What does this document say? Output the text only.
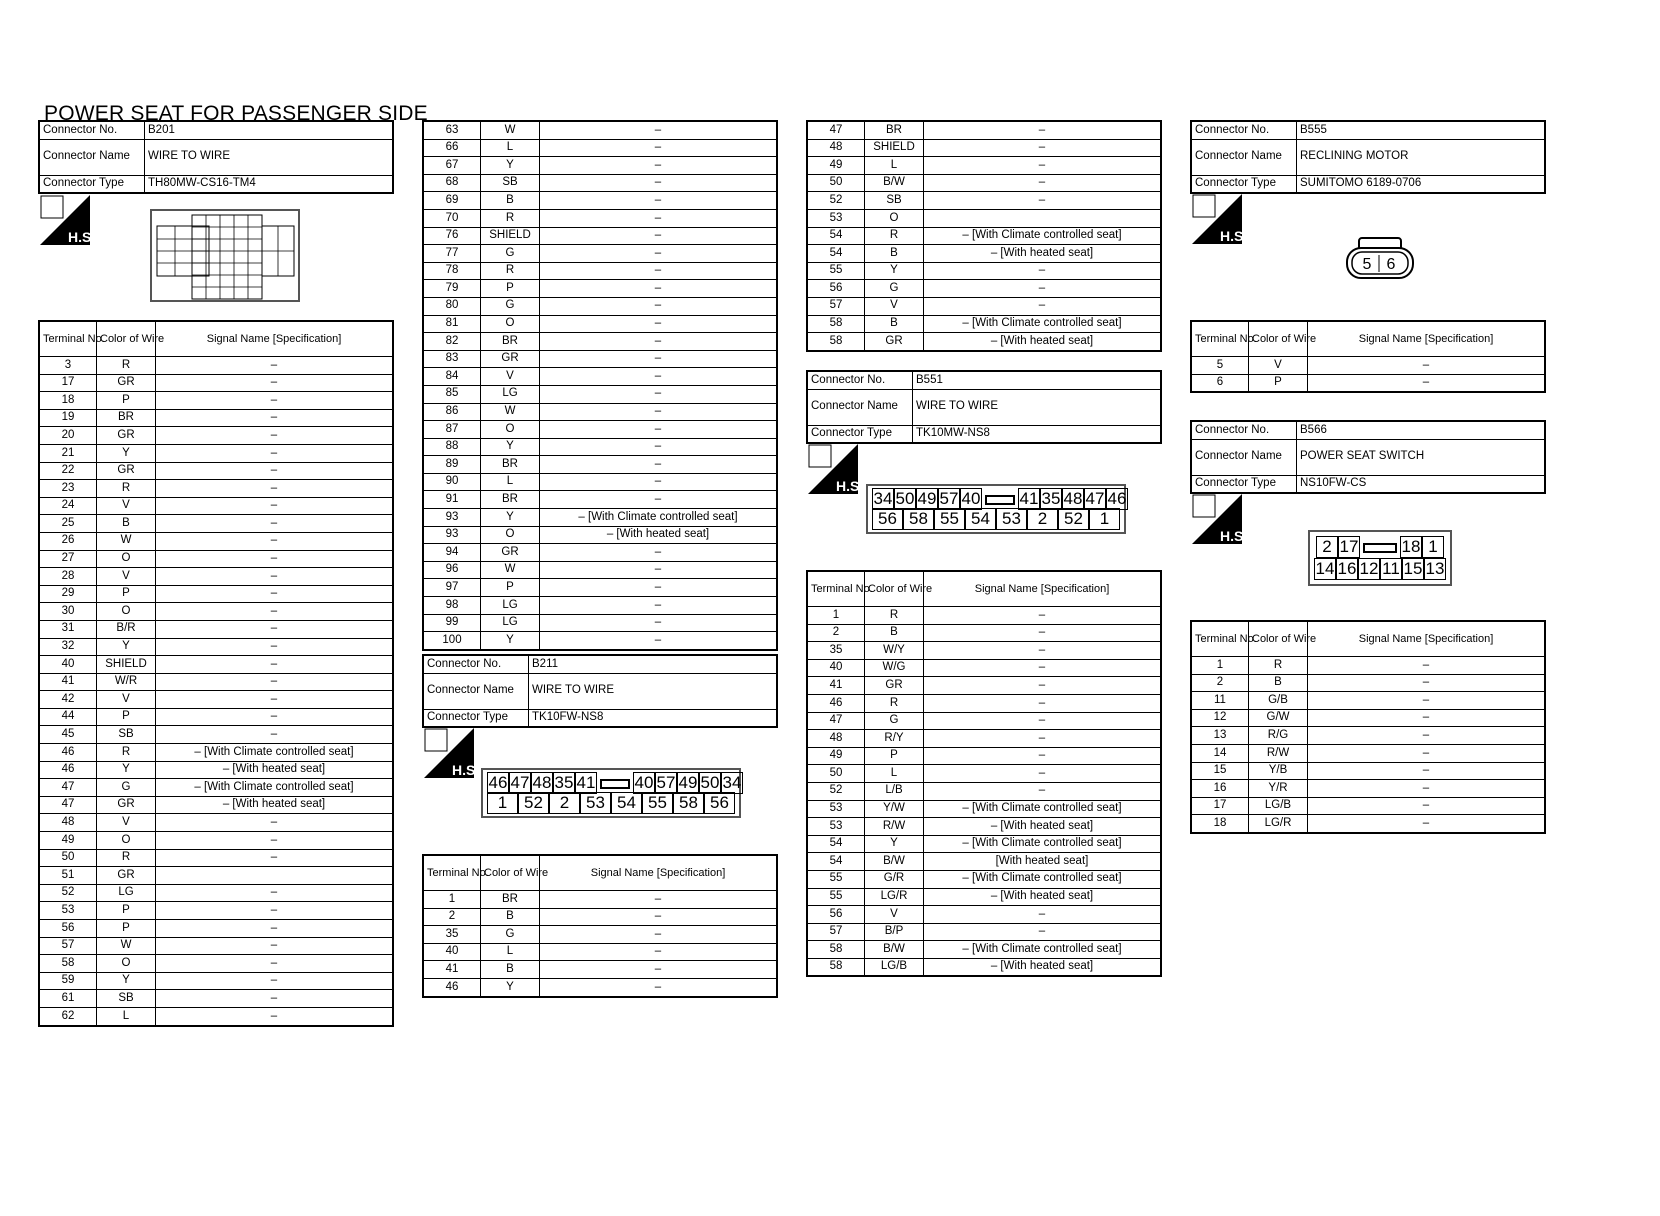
POWER SEAT FOR PASSENGER SIDE
Connector No.	B201
Connector Name	WIRE TO WIRE
Connector Type	TH80MW-CS16-TM4
H.S.
Terminal No.	Color of Wire	Signal Name [Specification]
3	R	–
17	GR	–
18	P	–
19	BR	–
20	GR	–
21	Y	–
22	GR	–
23	R	–
24	V	–
25	B	–
26	W	–
27	O	–
28	V	–
29	P	–
30	O	–
31	B/R	–
32	Y	–
40	SHIELD	–
41	W/R	–
42	V	–
44	P	–
45	SB	–
46	R	– [With Climate controlled seat]
46	Y	– [With heated seat]
47	G	– [With Climate controlled seat]
47	GR	– [With heated seat]
48	V	–
49	O	–
50	R	–
51	GR	
52	LG	–
53	P	–
56	P	–
57	W	–
58	O	–
59	Y	–
61	SB	–
62	L	–
63	W	–
66	L	–
67	Y	–
68	SB	–
69	B	–
70	R	–
76	SHIELD	–
77	G	–
78	R	–
79	P	–
80	G	–
81	O	–
82	BR	–
83	GR	–
84	V	–
85	LG	–
86	W	–
87	O	–
88	Y	–
89	BR	–
90	L	–
91	BR	–
93	Y	– [With Climate controlled seat]
93	O	– [With heated seat]
94	GR	–
96	W	–
97	P	–
98	LG	–
99	LG	–
100	Y	–
Connector No.	B211
Connector Name	WIRE TO WIRE
Connector Type	TK10FW-NS8
H.S.
46 47 48 35 41 40 57 49 50 34
1 52 2 53 54 55 58 56
Terminal No.	Color of Wire	Signal Name [Specification]
1	BR	–
2	B	–
35	G	–
40	L	–
41	B	–
46	Y	–
47	BR	–
48	SHIELD	–
49	L	–
50	B/W	–
52	SB	–
53	O	
54	R	– [With Climate controlled seat]
54	B	– [With heated seat]
55	Y	–
56	G	–
57	V	–
58	B	– [With Climate controlled seat]
58	GR	– [With heated seat]
Connector No.	B551
Connector Name	WIRE TO WIRE
Connector Type	TK10MW-NS8
H.S.
34 50 49 57 40 41 35 48 47 46
56 58 55 54 53 2 52 1
Terminal No.	Color of Wire	Signal Name [Specification]
1	R	–
2	B	–
35	W/Y	–
40	W/G	–
41	GR	–
46	R	–
47	G	–
48	R/Y	–
49	P	–
50	L	–
52	L/B	–
53	Y/W	– [With Climate controlled seat]
53	R/W	– [With heated seat]
54	Y	– [With Climate controlled seat]
54	B/W	[With heated seat]
55	G/R	– [With Climate controlled seat]
55	LG/R	– [With heated seat]
56	V	–
57	B/P	–
58	B/W	– [With Climate controlled seat]
58	LG/B	– [With heated seat]
Connector No.	B555
Connector Name	RECLINING MOTOR
Connector Type	SUMITOMO 6189-0706
H.S.
5 6
Terminal No.	Color of Wire	Signal Name [Specification]
5	V	–
6	P	–
Connector No.	B566
Connector Name	POWER SEAT SWITCH
Connector Type	NS10FW-CS
H.S.
2 17	18 1
14 16 12 11 15 13
Terminal No.	Color of Wire	Signal Name [Specification]
1	R	–
2	B	–
11	G/B	–
12	G/W	–
13	R/G	–
14	R/W	–
15	Y/B	–
16	Y/R	–
17	LG/B	–
18	LG/R	–
